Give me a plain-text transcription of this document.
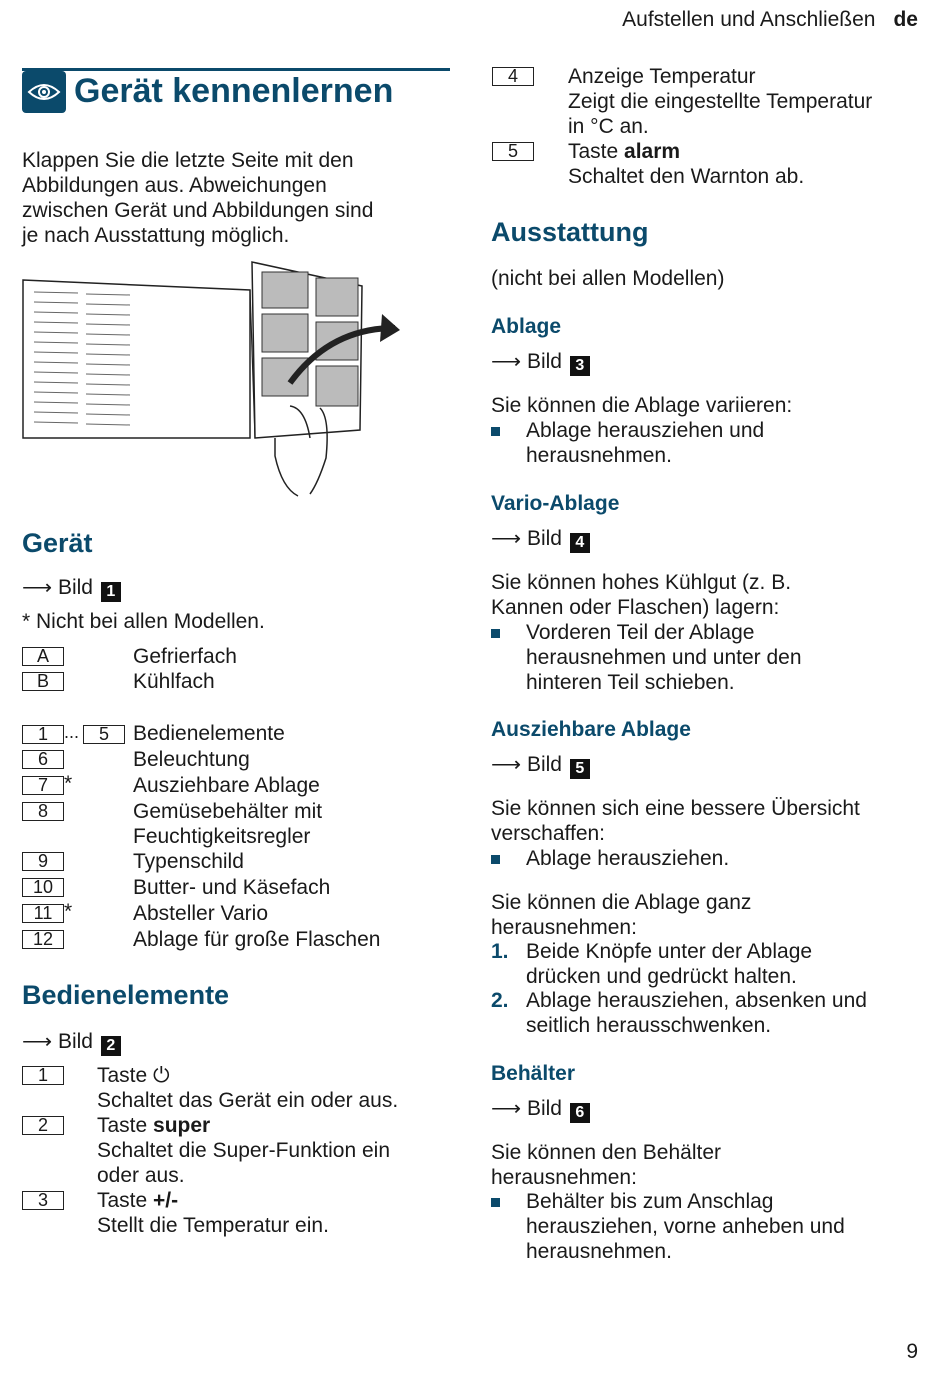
Aufstellen und Anschließen de
Gerät kennenlernen
Klappen Sie die letzte Seite mit den
Abbildungen aus. Abweichungen
zwischen Gerät und Abbildungen sind
je nach Ausstattung möglich.
Gerät
⟶ Bild 1
* Nicht bei allen Modellen.
A	Gefrierfach
B	Kühlfach
1 ...	5	Bedienelemente
6	Beleuchtung
7 *	Ausziehbare Ablage
8	Gemüsebehälter mit
Feuchtigkeitsregler
9	Typenschild
10	Butter- und Käsefach
11 *	Absteller Vario
12	Ablage für große Flaschen
Bedienelemente
⟶ Bild 2
1	Taste ⏻
Schaltet das Gerät ein oder aus.
2	Taste super
Schaltet die Super-Funktion ein
oder aus.
3	Taste +/-
Stellt die Temperatur ein.
4	Anzeige Temperatur
Zeigt die eingestellte Temperatur
in °C an.
5	Taste alarm
Schaltet den Warnton ab.
Ausstattung
(nicht bei allen Modellen)
Ablage
⟶ Bild 3
Sie können die Ablage variieren:
Ablage herausziehen und
herausnehmen.
Vario-Ablage
⟶ Bild 4
Sie können hohes Kühlgut (z. B.
Kannen oder Flaschen) lagern:
Vorderen Teil der Ablage
herausnehmen und unter den
hinteren Teil schieben.
Ausziehbare Ablage
⟶ Bild 5
Sie können sich eine bessere Übersicht
verschaffen:
Ablage herausziehen.
Sie können die Ablage ganz
herausnehmen:
1. Beide Knöpfe unter der Ablage
drücken und gedrückt halten.
2. Ablage herausziehen, absenken und
seitlich herausschwenken.
Behälter
⟶ Bild 6
Sie können den Behälter
herausnehmen:
Behälter bis zum Anschlag
herausziehen, vorne anheben und
herausnehmen.
9
